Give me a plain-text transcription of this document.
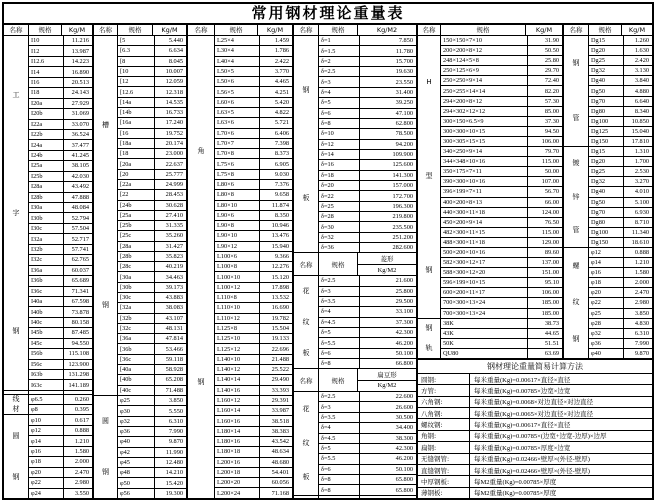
常用钢材理论重量表
名称	规格	Kg/M
工
字
钢
I10	11.216
I12	13.987
I12.6	14.223
I14	16.890
I16	20.513
I18	24.143
I20a	27.929
I20b	31.069
I22a	33.070
I22b	36.524
I24a	37.477
I24b	41.245
I25a	38.105
I25b	42.030
I28a	43.492
I28b	47.888
I30a	48.084
I30b	52.794
I30c	57.504
I32a	52.717
I32b	57.741
I32c	62.765
I36a	60.037
I36b	65.689
I36c	71.341
I40a	67.598
I40b	73.878
I40c	80.158
I45b	87.485
I45c	94.550
I56b	115.108
I56c	123.900
I63b	131.298
I63c	141.189
线
材
φ6.5	0.260
φ8	0.395
圆
钢
φ10	0.617
φ12	0.888
φ14	1.210
φ16	1.580
φ18	2.000
φ20	2.470
φ22	2.980
φ24	3.550
名称	规格	Kg/M
槽
钢
[5	5.440
[6.3	6.634
[8	8.045
[10	10.007
[12	12.059
[12.6	12.318
[14a	14.535
[14b	16.733
[16a	17.240
[16	19.752
[18a	20.174
[18	23.000
[20a	22.637
[20	25.777
[22a	24.999
[22	28.453
[24b	30.628
[25a	27.410
[25b	31.335
[25c	35.260
[28a	31.427
[28b	35.823
[28c	40.219
[30a	34.463
[30b	39.173
[30c	43.883
[32a	38.083
[32b	43.107
[32c	48.131
[36a	47.814
[36b	53.466
[36c	59.118
[40a	58.928
[40b	65.208
[40c	71.488
圆
钢
φ25	3.850
φ30	5.550
φ32	6.310
φ36	7.990
φ40	9.870
φ42	11.990
φ45	12.480
φ48	14.210
φ50	15.420
φ56	19.300
名称	规格	Kg/M
角
钢
L25×4	1.459
L30×4	1.786
L40×4	2.422
L50×5	3.770
L50×6	4.465
L56×5	4.251
L60×6	5.420
L63×5	4.822
L63×6	5.721
L70×6	6.406
L70×7	7.398
L70×8	8.373
L75×6	6.905
L75×8	9.030
L80×6	7.376
L80×8	9.658
L80×10	11.874
L90×6	8.350
L90×8	10.946
L90×10	13.476
L90×12	15.940
L100×6	9.366
L100×8	12.276
L100×10	15.120
L100×12	17.898
L110×8	13.532
L110×10	16.690
L110×12	19.782
L125×8	15.504
L125×10	19.133
L125×12	22.696
L140×10	21.488
L140×12	25.522
L140×14	29.490
L140×16	33.393
L160×12	29.391
L160×14	33.987
L160×16	38.518
L180×14	38.383
L180×16	43.542
L180×18	48.634
L200×16	48.680
L200×18	54.401
L200×20	60.056
L200×24	71.168
名称	规格	Kg/M2
钢
板
δ=1	7.850
δ=1.5	11.780
δ=2	15.700
δ=2.5	19.630
δ=3	23.550
δ=4	31.400
δ=5	39.250
δ=6	47.100
δ=8	62.800
δ=10	78.500
δ=12	94.200
δ=14	109.900
δ=16	125.600
δ=18	141.300
δ=20	157.000
δ=22	172.700
δ=25	196.300
δ=28	219.800
δ=30	235.500
δ=32	251.200
δ=36	282.600
名称	规格
菱形
Kg/M2
花
纹
板
δ=2.5	21.600
δ=3	25.800
δ=3.5	29.500
δ=4	33.100
δ=4.5	37.300
δ=5	42.300
δ=5.5	46.200
δ=6	50.100
δ=8	66.800
名称	规格
扁豆形
Kg/M2
花
纹
板
δ=2.5	22.600
δ=3	26.600
δ=3.5	30.500
δ=4	34.400
δ=4.5	38.300
δ=5	42.300
δ=5.5	46.200
δ=6	50.100
δ=8	65.800
δ=8	65.800
名称	规格	Kg/M
H
型
钢
150×150×7×10	31.90
200×200×8×12	50.50
248×124×5×8	25.80
250×125×6×9	29.70
250×250×9×14	72.40
250×255×14×14	82.20
294×200×8×12	57.30
294×302×12×12	85.00
300×150×6.5×9	37.30
300×300×10×15	94.50
300×305×15×15	106.00
340×250×9×14	79.70
344×348×10×16	115.00
350×175×7×11	50.00
390×300×10×16	107.00
396×199×7×11	56.70
400×200×8×13	66.00
440×300×11×18	124.00
450×200×9×14	76.50
482×300×11×15	115.00
488×300×11×18	129.00
500×200×10×16	89.60
582×300×12×17	137.00
588×300×12×20	151.00
596×199×10×15	95.10
600×200×11×17	106.00
700×300×13×24	185.00
700×300×13×24	185.00
钢
轨
38K	38.73
43K	44.65
50K	51.51
QU80	63.69
名称	规格	Kg/M
钢
管
Dg15	1.260
Dg20	1.630
Dg25	2.420
Dg32	3.130
Dg40	3.840
Dg50	4.880
Dg70	6.640
Dg80	8.340
Dg100	10.850
Dg125	15.040
Dg150	17.810
镀
锌
管
Dg15	1.310
Dg20	1.700
Dg25	2.530
Dg32	3.270
Dg40	4.010
Dg50	5.100
Dg70	6.930
Dg80	8.710
Dg100	11.340
Dg150	18.610
螺
纹
钢
φ12	0.888
φ14	1.210
φ16	1.580
φ18	2.000
φ20	2.470
φ22	2.980
φ25	3.850
φ28	4.830
φ32	6.310
φ36	7.990
φ40	9.870
钢材理论重量简易计算方法
圆钢:	每米重量(Kg)=0.00617×直径×直径
方管:	每米重量(Kg)=0.00785×边宽×边宽
六角钢:	每米重量(Kg)=0.0068×对边直径×对边直径
八角钢:	每米重量(Kg)=0.0065×对边直径×对边直径
螺纹钢:	每米重量(Kg)=0.00617×直径×直径
角钢:	每米重量(Kg)=0.00785×(边宽+边宽-边厚)×边厚
扁钢:	每米重量(Kg)=0.00785×厚度×边宽
无缝钢管:	每米重量(Kg)=0.02466×壁厚×(外径-壁厚)
直缝钢管:	每米重量(Kg)=0.02466×壁厚×(外径-壁厚)
中厚钢板:	每M2重量(Kg)=0.00785×厚度
薄钢板:	每M2重量(Kg)=0.00785×厚度
